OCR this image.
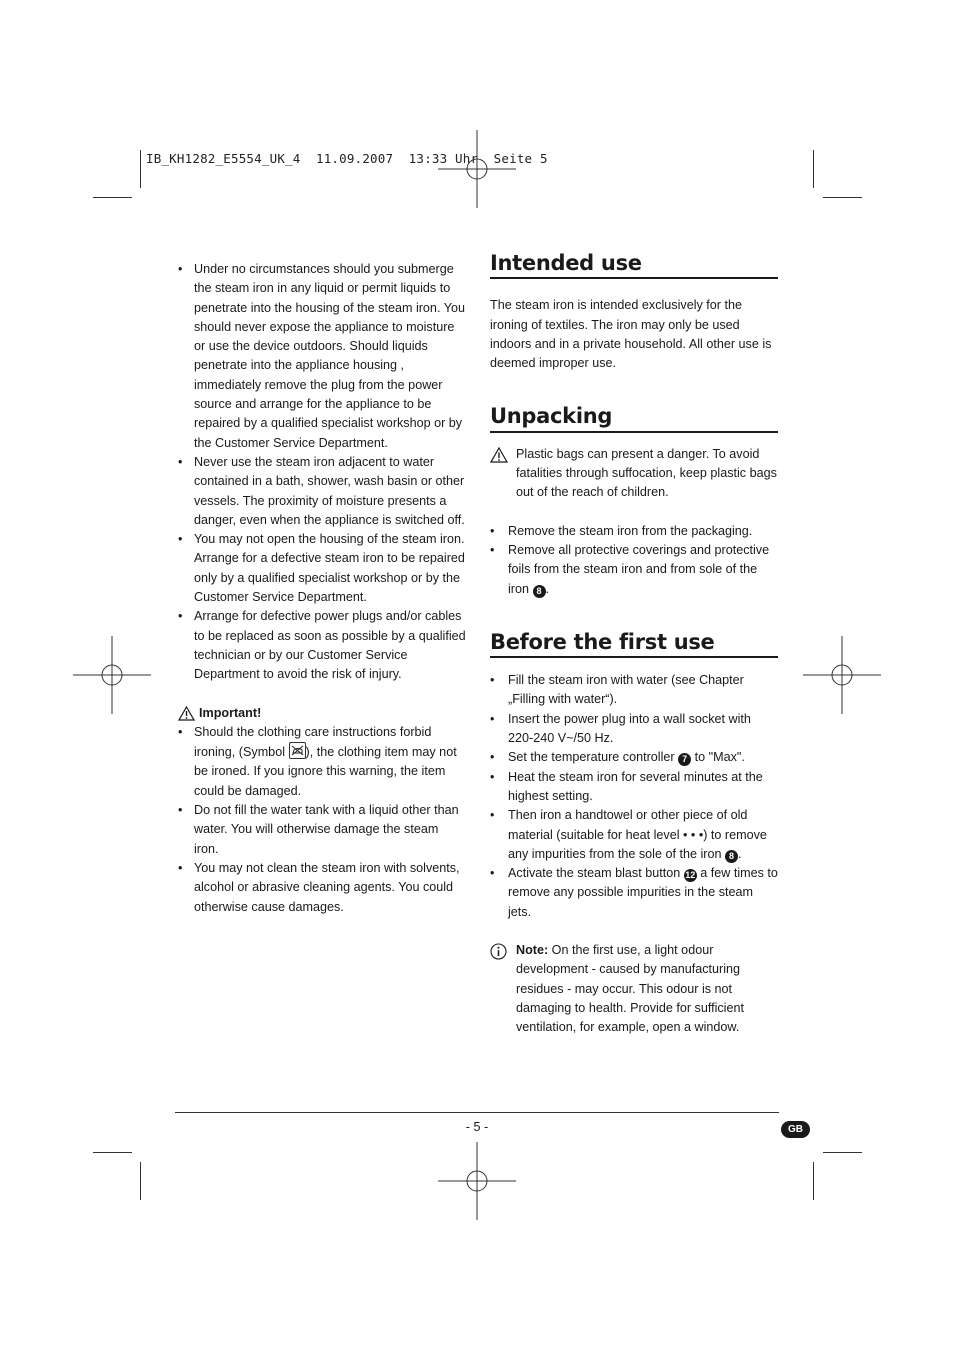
IB_KH1282_E5554_UK_4  11.09.2007  13:33 Uhr  Seite 5
• Under no circumstances should you submerge the steam iron in any liquid or permit liquids to penetrate into the housing of the steam iron. You should never expose the appliance to moisture or use the device outdoors. Should liquids penetrate into the appliance housing , immediately remove the plug from the power source and arrange for the appliance to be repaired by a qualified specialist workshop or by the Customer Service Department.
• Never use the steam iron adjacent to water contained in a bath, shower, wash basin or other vessels. The proximity of moisture presents a danger, even when the appliance is switched off.
• You may not open the housing of the steam iron. Arrange for a defective steam iron to be repaired only by a qualified specialist workshop or by the Customer Service Department.
• Arrange for defective power plugs and/or cables to be replaced as soon as possible by a qualified technician or by our Customer Service Department to avoid the risk of injury.
Important!
• Should the clothing care instructions forbid ironing, (Symbol
), the clothing item may not be ironed. If you ignore this warning, the item could be damaged.
• Do not fill the water tank with a liquid other than water. You will otherwise damage the steam iron.
• You may not clean the steam iron with solvents, alcohol or abrasive cleaning agents. You could otherwise cause damages.
Intended use

The steam iron is intended exclusively for the ironing of textiles. The iron may only be used indoors and in a private household. All other use is deemed improper use.

Unpacking
Plastic bags can present a danger. To avoid fatalities through suffocation, keep plastic bags out of the reach of children.
• Remove the steam iron from the packaging.
• Remove all protective coverings and protective foils from the steam iron and from sole of the iron 8 .
Before the first use
• Fill the steam iron with water (see Chapter „Filling with water“).
• Insert the power plug into a wall socket with 220-240 V~/50 Hz.
• Set the temperature controller 7 to "Max".
• Heat the steam iron for several minutes at the highest setting.
• Then iron a handtowel or other piece of old material (suitable for heat level • • •) to remove any impurities from the sole of the iron 8 .
• Activate the steam blast button 12 a few times to remove any possible impurities in the steam jets.
Note: On the first use, a light odour development - caused by manufacturing residues - may occur. This odour is not damaging to health. Provide for sufficient ventilation, for example, open a window.
- 5 -	GB
